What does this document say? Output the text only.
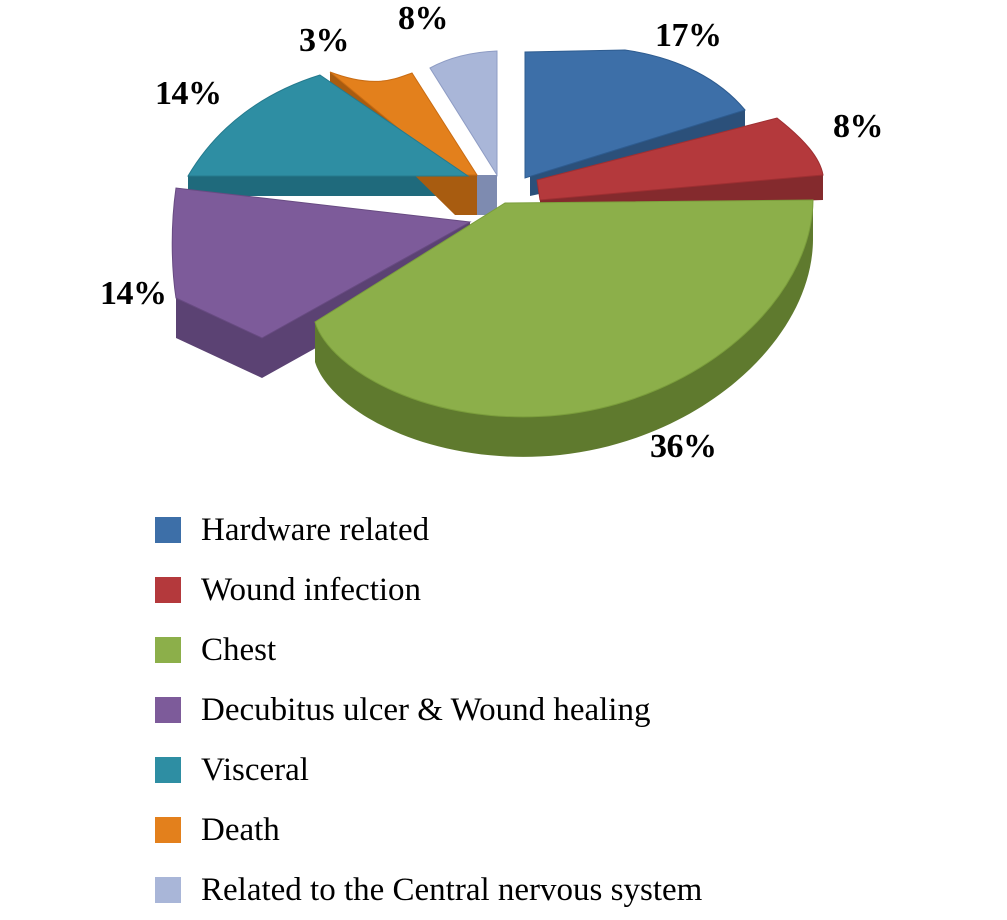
17%
8%
36%
14%
14%
3%
8%
Hardware related
Wound infection
Chest
Decubitus ulcer & Wound healing
Visceral
Death
Related to the Central nervous system
